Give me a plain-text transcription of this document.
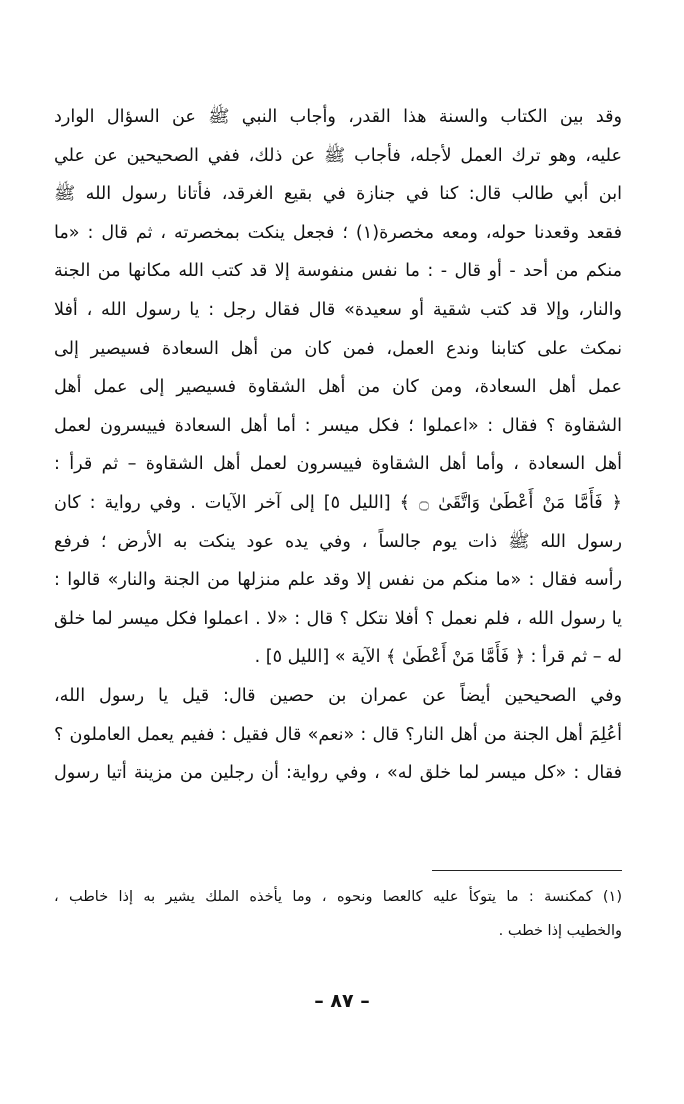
وقد بين الكتاب والسنة هذا القدر، وأجاب النبي ﷺ عن السؤال الوارد
عليه، وهو ترك العمل لأجله، فأجاب ﷺ عن ذلك، ففي الصحيحين عن علي
ابن أبي طالب قال: كنا في جنازة في بقيع الغرقد، فأتانا رسول الله ﷺ
فقعد وقعدنا حوله، ومعه مخصرة(١) ؛ فجعل ينكت بمخصرته ، ثم قال : «ما
منكم من أحد - أو قال - : ما نفس منفوسة إلا قد كتب الله مكانها من الجنة
والنار، وإلا قد كتب شقية أو سعيدة» قال فقال رجل : يا رسول الله ، أفلا
نمكث على كتابنا وندع العمل، فمن كان من أهل السعادة فسيصير إلى
عمل أهل السعادة، ومن كان من أهل الشقاوة فسيصير إلى عمل أهل
الشقاوة ؟ فقال : «اعملوا ؛ فكل ميسر : أما أهل السعادة فييسرون لعمل
أهل السعادة ، وأما أهل الشقاوة فييسرون لعمل أهل الشقاوة – ثم قرأ :
﴿ فَأَمَّا مَنْ أَعْطَىٰ وَاتَّقَىٰ ۝ ﴾ [الليل ٥] إلى آخر الآيات . وفي رواية : كان
رسول الله ﷺ ذات يوم جالساً ، وفي يده عود ينكت به الأرض ؛ فرفع
رأسه فقال : «ما منكم من نفس إلا وقد علم منزلها من الجنة والنار» قالوا :
يا رسول الله ، فلم نعمل ؟ أفلا نتكل ؟ قال : «لا . اعملوا فكل ميسر لما خلق
له – ثم قرأ : ﴿ فَأَمَّا مَنْ أَعْطَىٰ ﴾ الآية » [الليل ٥] .
وفي الصحيحين أيضاً عن عمران بن حصين قال: قيل يا رسول الله،
أعُلِمَ أهل الجنة من أهل النار؟ قال : «نعم» قال فقيل : ففيم يعمل العاملون ؟
فقال : «كل ميسر لما خلق له» ، وفي رواية: أن رجلين من مزينة أتيا رسول
(١) كمكنسة : ما يتوكأ عليه كالعصا ونحوه ، وما يأخذه الملك يشير به إذا خاطب ،
والخطيب إذا خطب .
– ٨٧ –
